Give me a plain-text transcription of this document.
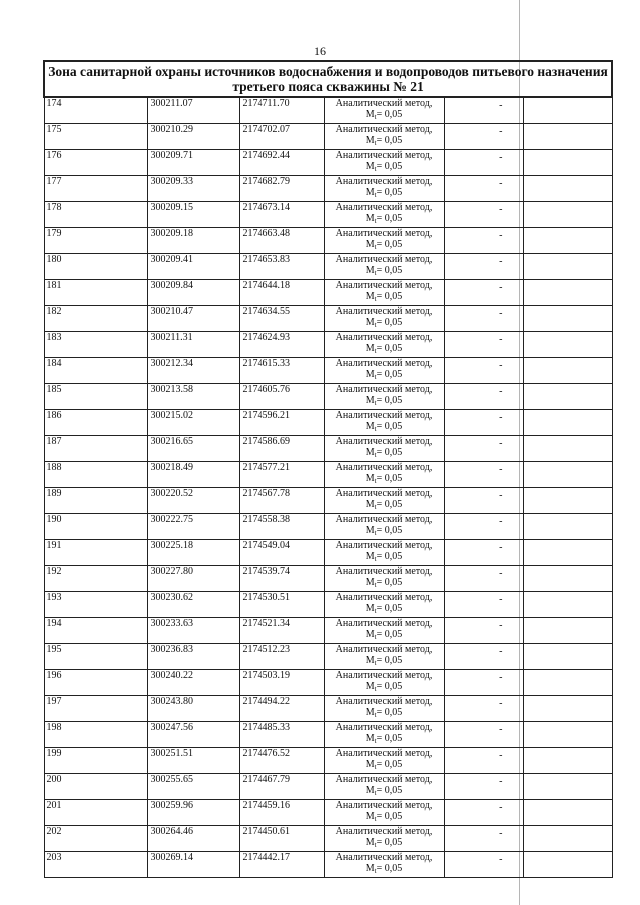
16
Зона санитарной охраны источников водоснабжения и водопроводов питьевого назначения третьего пояса скважины № 21					
174	300211.07	2174711.70	Аналитический метод,
$M_t= 0,05$	-	
175	300210.29	2174702.07	Аналитический метод,
$M_t= 0,05$	-	
176	300209.71	2174692.44	Аналитический метод,
$M_t= 0,05$	-	
177	300209.33	2174682.79	Аналитический метод,
$M_t= 0,05$	-	
178	300209.15	2174673.14	Аналитический метод,
$M_t= 0,05$	-	
179	300209.18	2174663.48	Аналитический метод,
$M_t= 0,05$	-	
180	300209.41	2174653.83	Аналитический метод,
$M_t= 0,05$	-	
181	300209.84	2174644.18	Аналитический метод,
$M_t= 0,05$	-	
182	300210.47	2174634.55	Аналитический метод,
$M_t= 0,05$	-	
183	300211.31	2174624.93	Аналитический метод,
$M_t= 0,05$	-	
184	300212.34	2174615.33	Аналитический метод,
$M_t= 0,05$	-	
185	300213.58	2174605.76	Аналитический метод,
$M_t= 0,05$	-	
186	300215.02	2174596.21	Аналитический метод,
$M_t= 0,05$	-	
187	300216.65	2174586.69	Аналитический метод,
$M_t= 0,05$	-	
188	300218.49	2174577.21	Аналитический метод,
$M_t= 0,05$	-	
189	300220.52	2174567.78	Аналитический метод,
$M_t= 0,05$	-	
190	300222.75	2174558.38	Аналитический метод,
$M_t= 0,05$	-	
191	300225.18	2174549.04	Аналитический метод,
$M_t= 0,05$	-	
192	300227.80	2174539.74	Аналитический метод,
$M_t= 0,05$	-	
193	300230.62	2174530.51	Аналитический метод,
$M_t= 0,05$	-	
194	300233.63	2174521.34	Аналитический метод,
$M_t= 0,05$	-	
195	300236.83	2174512.23	Аналитический метод,
$M_t= 0,05$	-	
196	300240.22	2174503.19	Аналитический метод,
$M_t= 0,05$	-	
197	300243.80	2174494.22	Аналитический метод,
$M_t= 0,05$	-	
198	300247.56	2174485.33	Аналитический метод,
$M_t= 0,05$	-	
199	300251.51	2174476.52	Аналитический метод,
$M_t= 0,05$	-	
200	300255.65	2174467.79	Аналитический метод,
$M_t= 0,05$	-	
201	300259.96	2174459.16	Аналитический метод,
$M_t= 0,05$	-	
202	300264.46	2174450.61	Аналитический метод,
$M_t= 0,05$	-	
203	300269.14	2174442.17	Аналитический метод,
$M_t= 0,05$	-	
